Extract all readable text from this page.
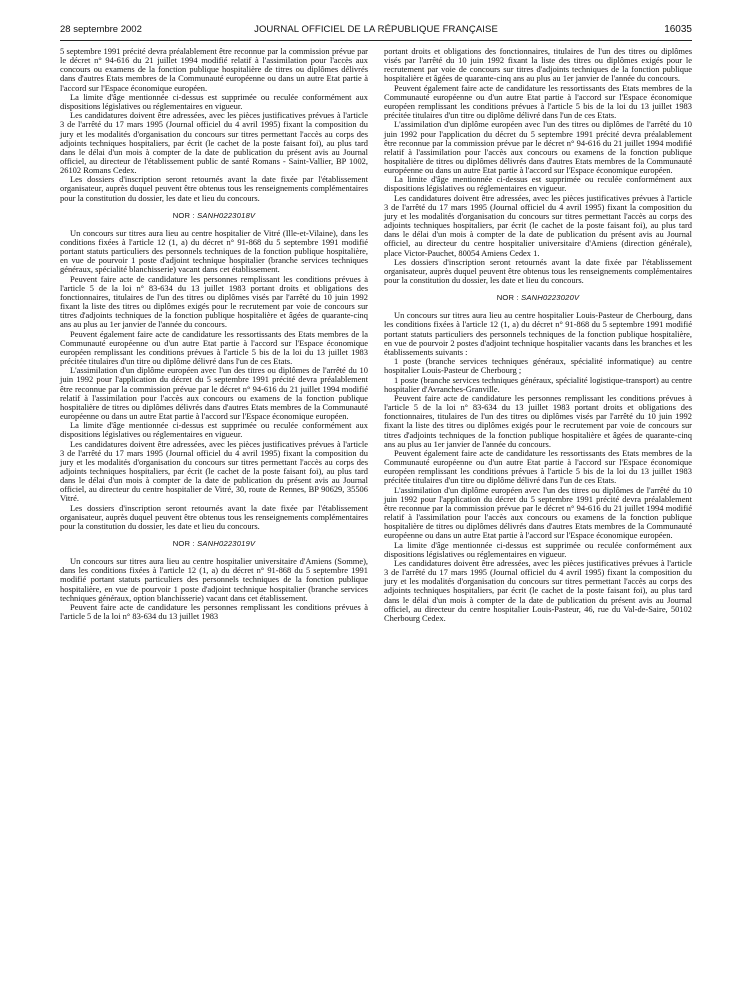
28 septembre 2002	JOURNAL OFFICIEL DE LA RÉPUBLIQUE FRANÇAISE	16035

5 septembre 1991 précité devra préalablement être reconnue par la commission prévue par le décret n° 94-616 du 21 juillet 1994 modifié relatif à l'assimilation pour l'accès aux concours ou examens de la fonction publique hospitalière de titres ou diplômes délivrés dans d'autres Etats membres de la Communauté européenne ou dans un autre Etat partie à l'accord sur l'Espace économique européen.

La limite d'âge mentionnée ci-dessus est supprimée ou reculée conformément aux dispositions législatives ou réglementaires en vigueur.

Les candidatures doivent être adressées, avec les pièces justificatives prévues à l'article 3 de l'arrêté du 17 mars 1995 (Journal officiel du 4 avril 1995) fixant la composition du jury et les modalités d'organisation du concours sur titres permettant l'accès au corps des adjoints techniques hospitaliers, par écrit (le cachet de la poste faisant foi), au plus tard dans le délai d'un mois à compter de la date de publication du présent avis au Journal officiel, au directeur de l'établissement public de santé Romans - Saint-Vallier, BP 1002, 26102 Romans Cedex.

Les dossiers d'inscription seront retournés avant la date fixée par l'établissement organisateur, auprès duquel peuvent être obtenus tous les renseignements complémentaires pour la constitution du dossier, les date et lieu du concours.

NOR : SANH0223018V

Un concours sur titres aura lieu au centre hospitalier de Vitré (Ille-et-Vilaine), dans les conditions fixées à l'article 12 (1, a) du décret n° 91-868 du 5 septembre 1991 modifié portant statuts particuliers des personnels techniques de la fonction publique hospitalière, en vue de pourvoir 1 poste d'adjoint technique hospitalier (branche services techniques généraux, spécialité blanchisserie) vacant dans cet établissement.

Peuvent faire acte de candidature les personnes remplissant les conditions prévues à l'article 5 de la loi n° 83-634 du 13 juillet 1983 portant droits et obligations des fonctionnaires, titulaires de l'un des titres ou diplômes visés par l'arrêté du 10 juin 1992 fixant la liste des titres ou diplômes exigés pour le recrutement par voie de concours sur titres d'adjoints techniques de la fonction publique hospitalière et âgées de quarante-cinq ans au plus au 1er janvier de l'année du concours.

Peuvent également faire acte de candidature les ressortissants des Etats membres de la Communauté européenne ou d'un autre Etat partie à l'accord sur l'Espace économique européen remplissant les conditions prévues à l'article 5 bis de la loi du 13 juillet 1983 précitée titulaires d'un titre ou diplôme délivré dans l'un de ces Etats.

L'assimilation d'un diplôme européen avec l'un des titres ou diplômes de l'arrêté du 10 juin 1992 pour l'application du décret du 5 septembre 1991 précité devra préalablement être reconnue par la commission prévue par le décret n° 94-616 du 21 juillet 1994 modifié relatif à l'assimilation pour l'accès aux concours ou examens de la fonction publique hospitalière de titres ou diplômes délivrés dans d'autres Etats membres de la Communauté européenne ou dans un autre Etat partie à l'accord sur l'Espace économique européen.

La limite d'âge mentionnée ci-dessus est supprimée ou reculée conformément aux dispositions législatives ou réglementaires en vigueur.

Les candidatures doivent être adressées, avec les pièces justificatives prévues à l'article 3 de l'arrêté du 17 mars 1995 (Journal officiel du 4 avril 1995) fixant la composition du jury et les modalités d'organisation du concours sur titres permettant l'accès au corps des adjoints techniques hospitaliers, par écrit (le cachet de la poste faisant foi), au plus tard dans le délai d'un mois à compter de la date de publication du présent avis au Journal officiel, au directeur du centre hospitalier de Vitré, 30, route de Rennes, BP 90629, 35506 Vitré.

Les dossiers d'inscription seront retournés avant la date fixée par l'établissement organisateur, auprès duquel peuvent être obtenus tous les renseignements complémentaires pour la constitution du dossier, les date et lieu du concours.

NOR : SANH0223019V

Un concours sur titres aura lieu au centre hospitalier universitaire d'Amiens (Somme), dans les conditions fixées à l'article 12 (1, a) du décret n° 91-868 du 5 septembre 1991 modifié portant statuts particuliers des personnels techniques de la fonction publique hospitalière, en vue de pourvoir 1 poste d'adjoint technique hospitalier (branche services techniques généraux, option blanchisserie) vacant dans cet établissement.

Peuvent faire acte de candidature les personnes remplissant les conditions prévues à l'article 5 de la loi n° 83-634 du 13 juillet 1983

portant droits et obligations des fonctionnaires, titulaires de l'un des titres ou diplômes visés par l'arrêté du 10 juin 1992 fixant la liste des titres ou diplômes exigés pour le recrutement par voie de concours sur titres d'adjoints techniques de la fonction publique hospitalière et âgées de quarante-cinq ans au plus au 1er janvier de l'année du concours.

Peuvent également faire acte de candidature les ressortissants des Etats membres de la Communauté européenne ou d'un autre Etat partie à l'accord sur l'Espace économique européen remplissant les conditions prévues à l'article 5 bis de la loi du 13 juillet 1983 précitée titulaires d'un titre ou diplôme délivré dans l'un de ces Etats.

L'assimilation d'un diplôme européen avec l'un des titres ou diplômes de l'arrêté du 10 juin 1992 pour l'application du décret du 5 septembre 1991 précité devra préalablement être reconnue par la commission prévue par le décret n° 94-616 du 21 juillet 1994 modifié relatif à l'assimilation pour l'accès aux concours ou examens de la fonction publique hospitalière de titres ou diplômes délivrés dans d'autres Etats membres de la Communauté européenne ou dans un autre Etat partie à l'accord sur l'Espace économique européen.

La limite d'âge mentionnée ci-dessus est supprimée ou reculée conformément aux dispositions législatives ou réglementaires en vigueur.

Les candidatures doivent être adressées, avec les pièces justificatives prévues à l'article 3 de l'arrêté du 17 mars 1995 (Journal officiel du 4 avril 1995) fixant la composition du jury et les modalités d'organisation du concours sur titres permettant l'accès au corps des adjoints techniques hospitaliers, par écrit (le cachet de la poste faisant foi), au plus tard dans le délai d'un mois à compter de la date de publication du présent avis au Journal officiel, au directeur du centre hospitalier universitaire d'Amiens (direction générale), place Victor-Pauchet, 80054 Amiens Cedex 1.

Les dossiers d'inscription seront retournés avant la date fixée par l'établissement organisateur, auprès duquel peuvent être obtenus tous les renseignements complémentaires pour la constitution du dossier, les date et lieu du concours.

NOR : SANH0223020V

Un concours sur titres aura lieu au centre hospitalier Louis-Pasteur de Cherbourg, dans les conditions fixées à l'article 12 (1, a) du décret n° 91-868 du 5 septembre 1991 modifié portant statuts particuliers des personnels techniques de la fonction publique hospitalière, en vue de pourvoir 2 postes d'adjoint technique hospitalier vacants dans les branches et les établissements suivants :

1 poste (branche services techniques généraux, spécialité informatique) au centre hospitalier Louis-Pasteur de Cherbourg ;

1 poste (branche services techniques généraux, spécialité logistique-transport) au centre hospitalier d'Avranches-Granville.

Peuvent faire acte de candidature les personnes remplissant les conditions prévues à l'article 5 de la loi n° 83-634 du 13 juillet 1983 portant droits et obligations des fonctionnaires, titulaires de l'un des titres ou diplômes visés par l'arrêté du 10 juin 1992 fixant la liste des titres ou diplômes exigés pour le recrutement par voie de concours sur titres d'adjoints techniques de la fonction publique hospitalière et âgées de quarante-cinq ans au plus au 1er janvier de l'année du concours.

Peuvent également faire acte de candidature les ressortissants des Etats membres de la Communauté européenne ou d'un autre Etat partie à l'accord sur l'Espace économique européen remplissant les conditions prévues à l'article 5 bis de la loi du 13 juillet 1983 précitée titulaires d'un titre ou diplôme délivré dans l'un de ces Etats.

L'assimilation d'un diplôme européen avec l'un des titres ou diplômes de l'arrêté du 10 juin 1992 pour l'application du décret du 5 septembre 1991 précité devra préalablement être reconnue par la commission prévue par le décret n° 94-616 du 21 juillet 1994 modifié relatif à l'assimilation pour l'accès aux concours ou examens de la fonction publique hospitalière de titres ou diplômes délivrés dans d'autres Etats membres de la Communauté européenne ou dans un autre Etat partie à l'accord sur l'Espace économique européen.

La limite d'âge mentionnée ci-dessus est supprimée ou reculée conformément aux dispositions législatives ou réglementaires en vigueur.

Les candidatures doivent être adressées, avec les pièces justificatives prévues à l'article 3 de l'arrêté du 17 mars 1995 (Journal officiel du 4 avril 1995) fixant la composition du jury et les modalités d'organisation du concours sur titres permettant l'accès au corps des adjoints techniques hospitaliers, par écrit (le cachet de la poste faisant foi), au plus tard dans le délai d'un mois à compter de la date de publication du présent avis au Journal officiel, au directeur du centre hospitalier Louis-Pasteur, 46, rue du Val-de-Saire, 50102 Cherbourg Cedex.
